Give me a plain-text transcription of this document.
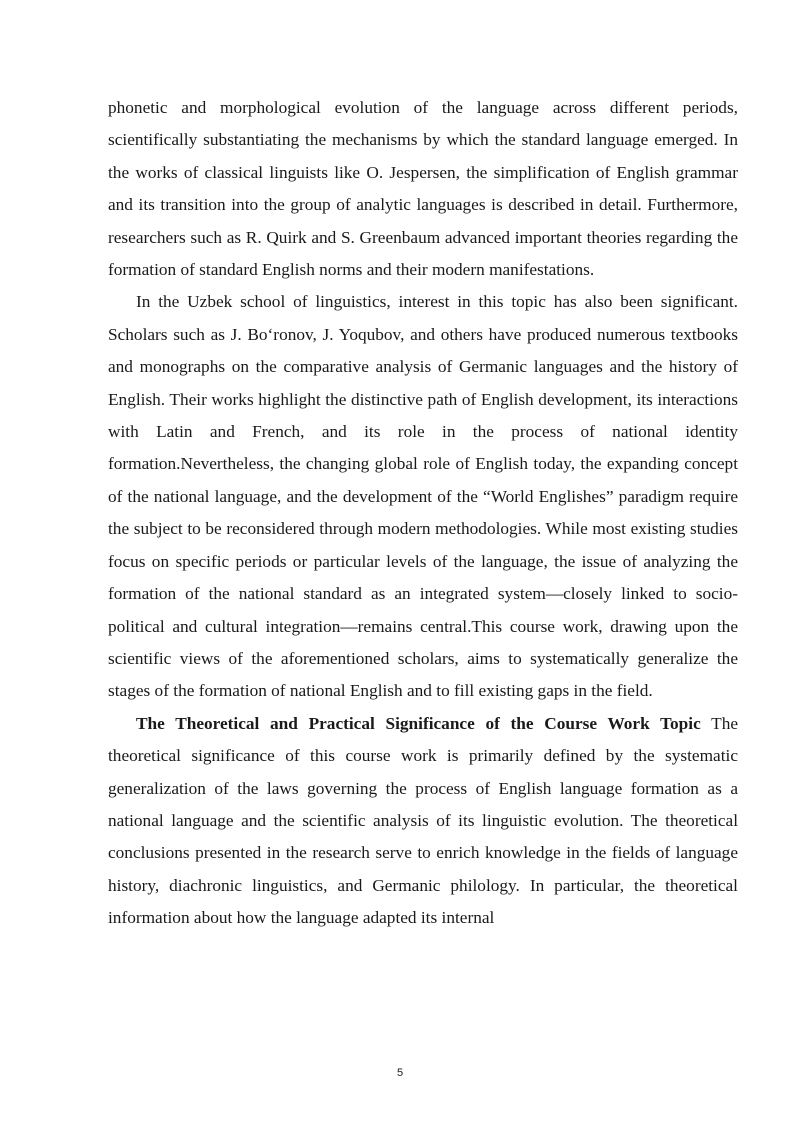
phonetic and morphological evolution of the language across different periods, scientifically substantiating the mechanisms by which the standard language emerged. In the works of classical linguists like O. Jespersen, the simplification of English grammar and its transition into the group of analytic languages is described in detail. Furthermore, researchers such as R. Quirk and S. Greenbaum advanced important theories regarding the formation of standard English norms and their modern manifestations.

In the Uzbek school of linguistics, interest in this topic has also been significant. Scholars such as J. Boʻronov, J. Yoqubov, and others have produced numerous textbooks and monographs on the comparative analysis of Germanic languages and the history of English. Their works highlight the distinctive path of English development, its interactions with Latin and French, and its role in the process of national identity formation.Nevertheless, the changing global role of English today, the expanding concept of the national language, and the development of the “World Englishes” paradigm require the subject to be reconsidered through modern methodologies. While most existing studies focus on specific periods or particular levels of the language, the issue of analyzing the formation of the national standard as an integrated system—closely linked to socio-political and cultural integration—remains central.This course work, drawing upon the scientific views of the aforementioned scholars, aims to systematically generalize the stages of the formation of national English and to fill existing gaps in the field.

The Theoretical and Practical Significance of the Course Work Topic The theoretical significance of this course work is primarily defined by the systematic generalization of the laws governing the process of English language formation as a national language and the scientific analysis of its linguistic evolution. The theoretical conclusions presented in the research serve to enrich knowledge in the fields of language history, diachronic linguistics, and Germanic philology. In particular, the theoretical information about how the language adapted its internal

5
